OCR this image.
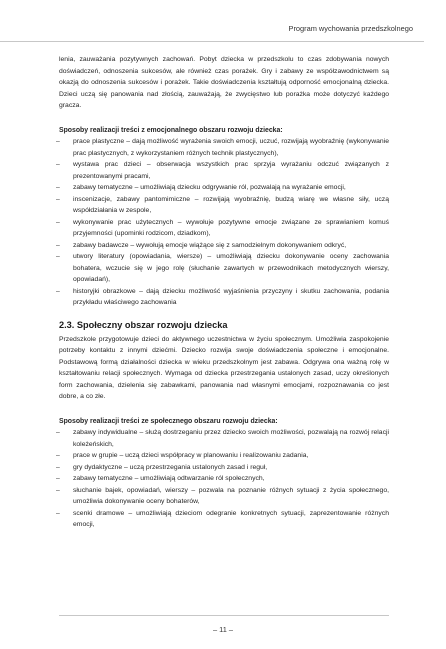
Program wychowania przedszkolnego

lenia, zauważania pozytywnych zachowań. Pobyt dziecka w przedszkolu to czas zdobywania nowych doświadczeń, odnoszenia sukcesów, ale również czas porażek. Gry i zabawy ze współzawodnictwem są okazją do odnoszenia sukcesów i porażek. Takie doświadczenia kształtują odporność emocjonalną dziecka. Dzieci uczą się panowania nad złością, zauważają, że zwycięstwo lub porażka może dotyczyć każdego gracza.

Sposoby realizacji treści z emocjonalnego obszaru rozwoju dziecka:
– prace plastyczne – dają możliwość wyrażenia swoich emocji, uczuć, rozwijają wyobraźnię (wykonywanie prac plastycznych, z wykorzystaniem różnych technik plastycznych),
– wystawa prac dzieci – obserwacja wszystkich prac sprzyja wyrażaniu odczuć związanych z prezentowanymi pracami,
– zabawy tematyczne – umożliwiają dziecku odgrywanie ról, pozwalają na wyrażanie emocji,
– inscenizacje, zabawy pantomimiczne – rozwijają wyobraźnię, budzą wiarę we własne siły, uczą współdziałania w zespole,
– wykonywanie prac użytecznych – wywołuje pozytywne emocje związane ze sprawianiem komuś przyjemności (upominki rodzicom, dziadkom),
– zabawy badawcze – wywołują emocje wiążące się z samodzielnym dokonywaniem odkryć,
– utwory literatury (opowiadania, wiersze) – umożliwiają dziecku dokonywanie oceny zachowania bohatera, wczucie się w jego rolę (słuchanie zawartych w przewodnikach metodycznych wierszy, opowiadań),
– historyjki obrazkowe – dają dziecku możliwość wyjaśnienia przyczyny i skutku zachowania, podania przykładu właściwego zachowania
2.3. Społeczny obszar rozwoju dziecka

Przedszkole przygotowuje dzieci do aktywnego uczestnictwa w życiu społecznym. Umożliwia zaspokojenie potrzeby kontaktu z innymi dziećmi. Dziecko rozwija swoje doświadczenia społeczne i emocjonalne. Podstawową formą działalności dziecka w wieku przedszkolnym jest zabawa. Odgrywa ona ważną rolę w kształtowaniu relacji społecznych. Wymaga od dziecka przestrzegania ustalonych zasad, uczy określonych form zachowania, dzielenia się zabawkami, panowania nad własnymi emocjami, rozpoznawania co jest dobre, a co złe.

Sposoby realizacji treści ze społecznego obszaru rozwoju dziecka:
– zabawy indywidualne – służą dostrzeganiu przez dziecko swoich możliwości, pozwalają na rozwój relacji koleżeńskich,
– prace w grupie – uczą dzieci współpracy w planowaniu i realizowaniu zadania,
– gry dydaktyczne – uczą przestrzegania ustalonych zasad i reguł,
– zabawy tematyczne – umożliwiają odtwarzanie ról społecznych,
– słuchanie bajek, opowiadań, wierszy – pozwala na poznanie różnych sytuacji z życia społecznego, umożliwia dokonywanie oceny bohaterów,
– scenki dramowe – umożliwiają dzieciom odegranie konkretnych sytuacji, zaprezentowanie różnych emocji,
– 11 –
